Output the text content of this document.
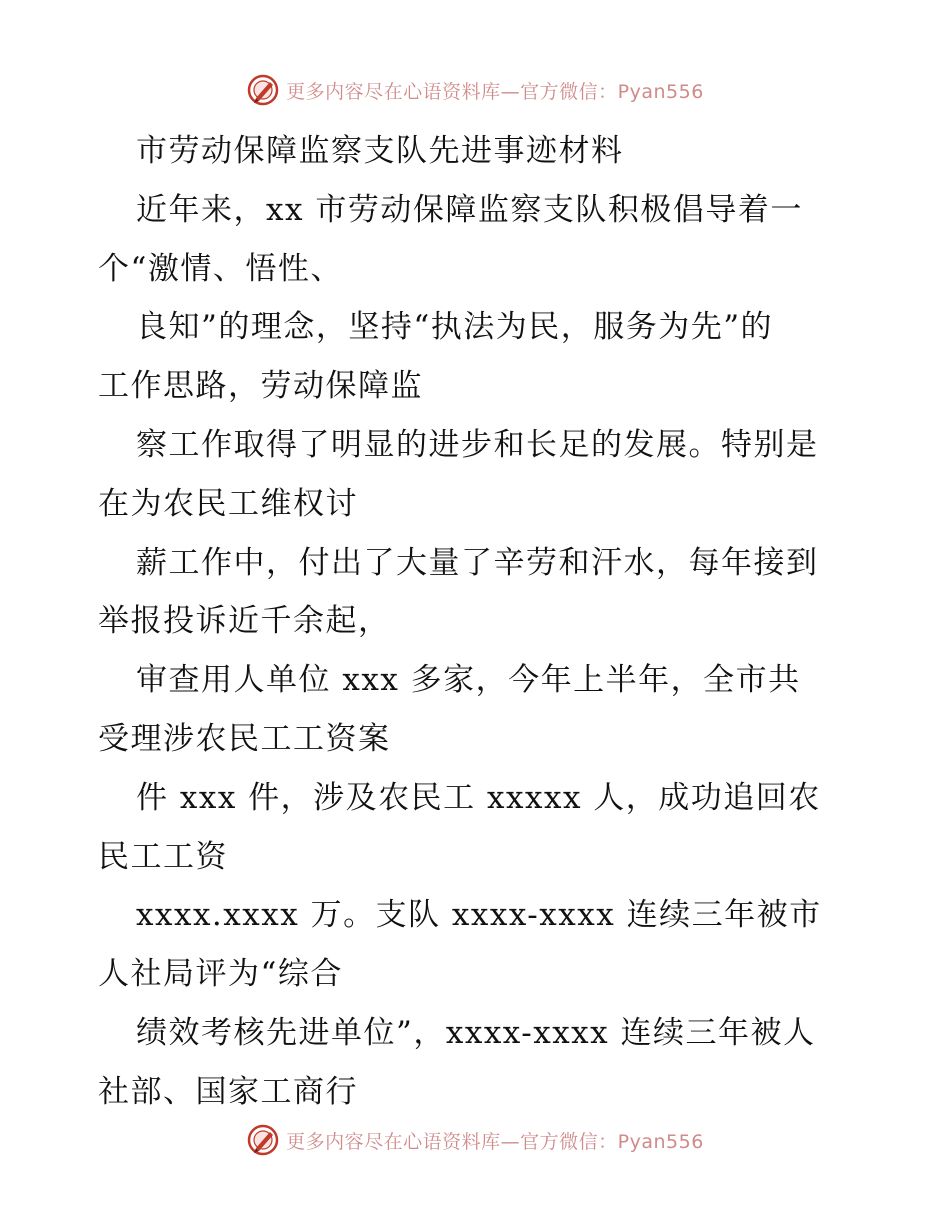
更多内容尽在心语资料库—官方微信：Pyan556
市劳动保障监察支队先进事迹材料
近年来，xx 市劳动保障监察支队积极倡导着一
个“激情、悟性、
良知”的理念，坚持“执法为民，服务为先”的
工作思路，劳动保障监
察工作取得了明显的进步和长足的发展。特别是
在为农民工维权讨
薪工作中，付出了大量了辛劳和汗水，每年接到
举报投诉近千余起，
审查用人单位 xxx 多家，今年上半年，全市共
受理涉农民工工资案
件 xxx 件，涉及农民工 xxxxx 人，成功追回农
民工工资
xxxx.xxxx 万。支队 xxxx-xxxx 连续三年被市
人社局评为“综合
绩效考核先进单位”，xxxx-xxxx 连续三年被人
社部、国家工商行
更多内容尽在心语资料库—官方微信：Pyan556
